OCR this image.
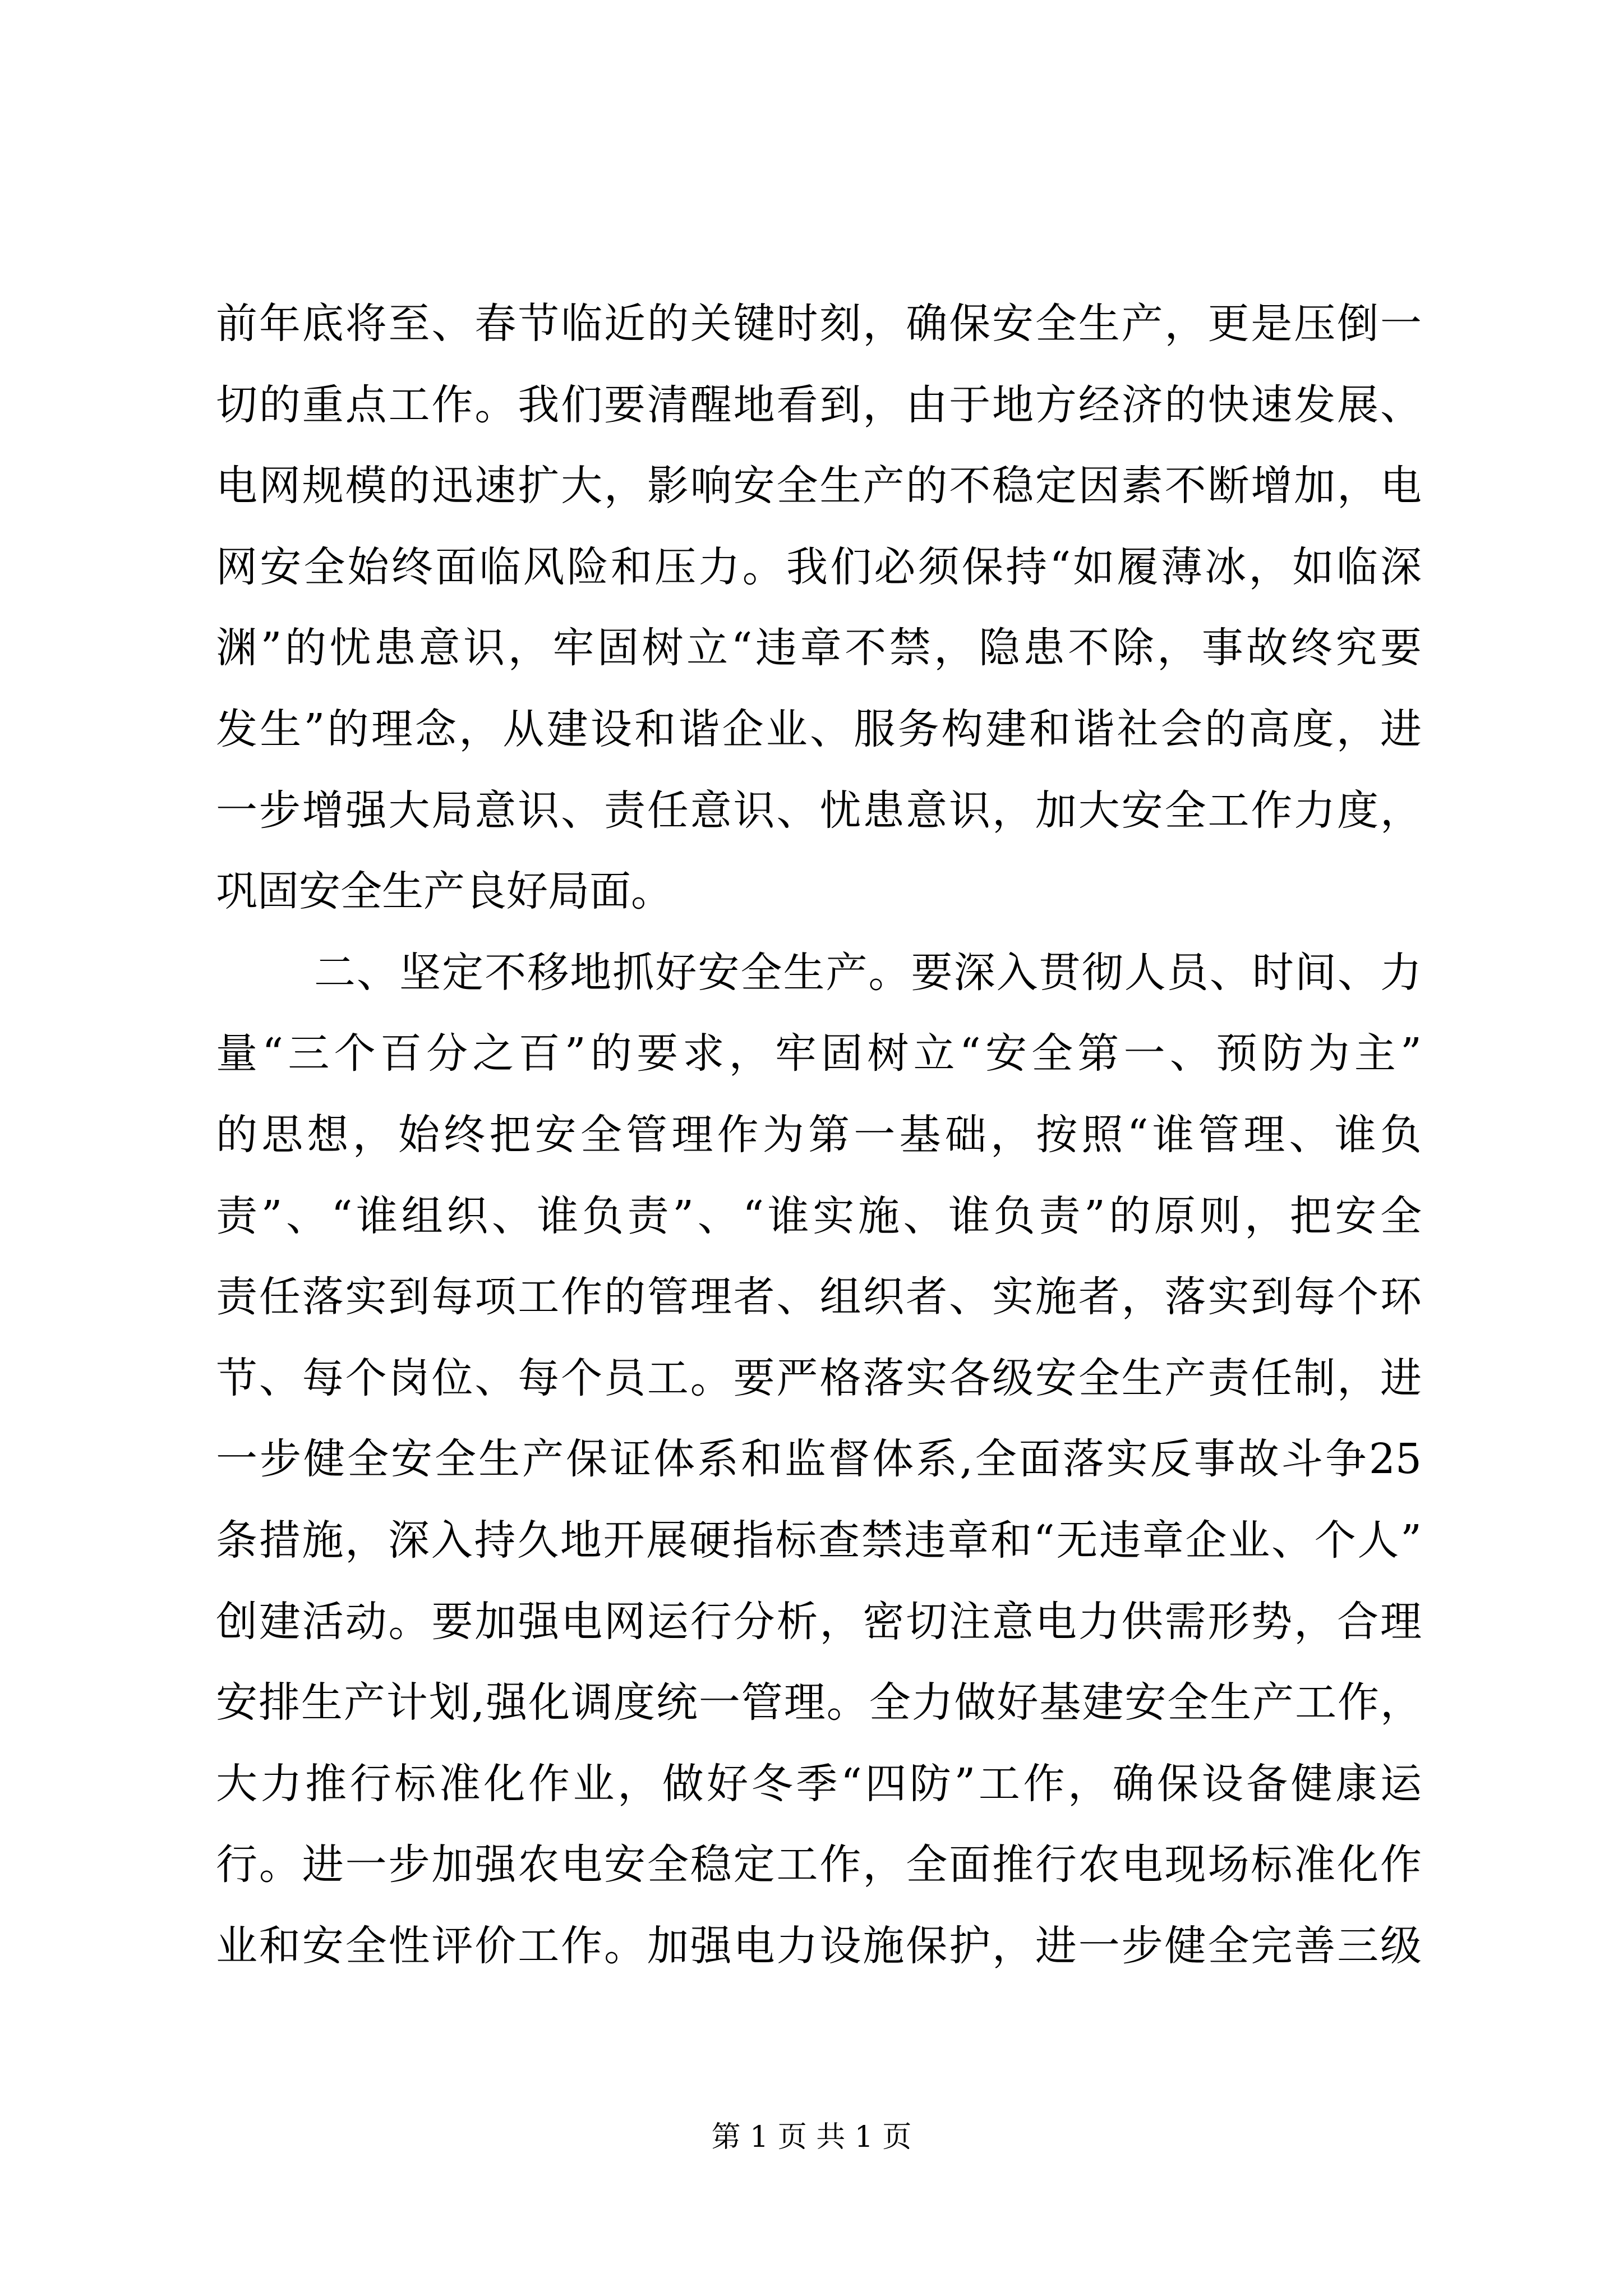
前年底将至、春节临近的关键时刻，确保安全生产，更是压倒一
切的重点工作。我们要清醒地看到，由于地方经济的快速发展、
电网规模的迅速扩大，影响安全生产的不稳定因素不断增加，电
网安全始终面临风险和压力。我们必须保持“如履薄冰，如临深
渊”的忧患意识，牢固树立“违章不禁，隐患不除，事故终究要
发生”的理念，从建设和谐企业、服务构建和谐社会的高度，进
一步增强大局意识、责任意识、忧患意识，加大安全工作力度，
巩固安全生产良好局面。
二、坚定不移地抓好安全生产。要深入贯彻人员、时间、力
量“三个百分之百”的要求，牢固树立“安全第一、预防为主”
的思想，始终把安全管理作为第一基础，按照“谁管理、谁负
责”、“谁组织、谁负责”、“谁实施、谁负责”的原则，把安全
责任落实到每项工作的管理者、组织者、实施者，落实到每个环
节、每个岗位、每个员工。要严格落实各级安全生产责任制，进
一步健全安全生产保证体系和监督体系,全面落实反事故斗争25
条措施，深入持久地开展硬指标查禁违章和“无违章企业、个人”
创建活动。要加强电网运行分析，密切注意电力供需形势，合理
安排生产计划,强化调度统一管理。全力做好基建安全生产工作，
大力推行标准化作业，做好冬季“四防”工作，确保设备健康运
行。进一步加强农电安全稳定工作，全面推行农电现场标准化作
业和安全性评价工作。加强电力设施保护，进一步健全完善三级
第 1 页 共 1 页
